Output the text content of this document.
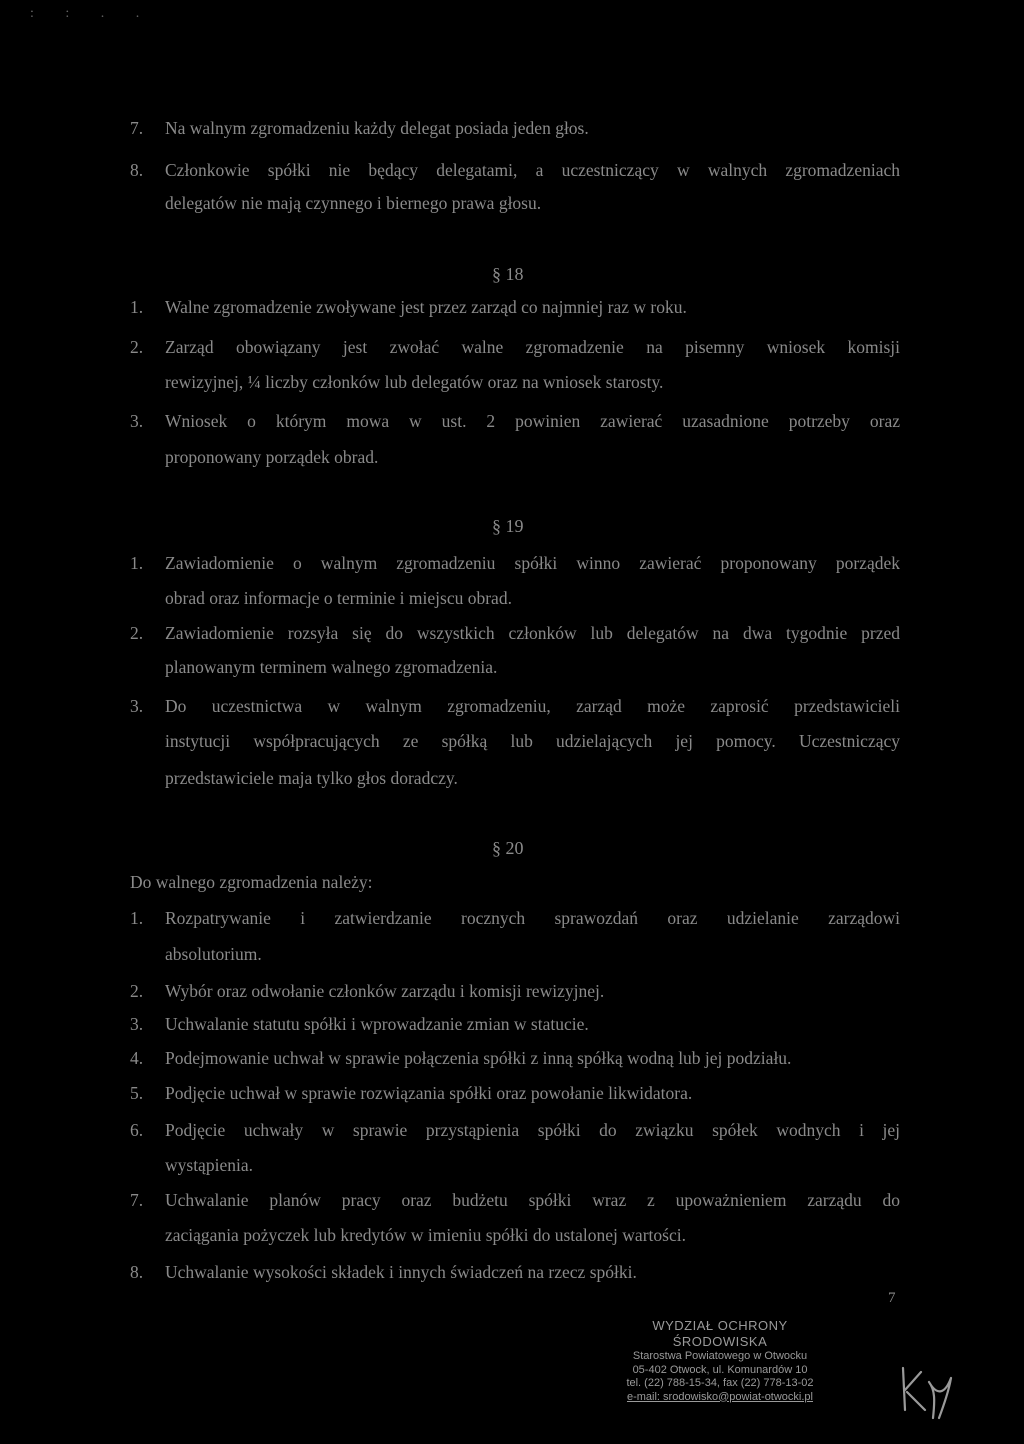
: : . .
7. Na walnym zgromadzeniu każdy delegat posiada jeden głos.
8. Członkowie spółki nie będący delegatami, a uczestniczący w walnych zgromadzeniach
delegatów nie mają czynnego i biernego prawa głosu.
§ 18
1. Walne zgromadzenie zwoływane jest przez zarząd co najmniej raz w roku.
2. Zarząd obowiązany jest zwołać walne zgromadzenie na pisemny wniosek komisji
rewizyjnej, ¼ liczby członków lub delegatów oraz na wniosek starosty.
3. Wniosek o którym mowa w ust. 2 powinien zawierać uzasadnione potrzeby oraz
proponowany porządek obrad.
§ 19
1. Zawiadomienie o walnym zgromadzeniu spółki winno zawierać proponowany porządek
obrad oraz informacje o terminie i miejscu obrad.
2. Zawiadomienie rozsyła się do wszystkich członków lub delegatów na dwa tygodnie przed
planowanym terminem walnego zgromadzenia.
3. Do uczestnictwa w walnym zgromadzeniu, zarząd może zaprosić przedstawicieli
instytucji współpracujących ze spółką lub udzielających jej pomocy. Uczestniczący
przedstawiciele maja tylko głos doradczy.
§ 20
Do walnego zgromadzenia należy:
1. Rozpatrywanie i zatwierdzanie rocznych sprawozdań oraz udzielanie zarządowi
absolutorium.
2. Wybór oraz odwołanie członków zarządu i komisji rewizyjnej.
3. Uchwalanie statutu spółki i wprowadzanie zmian w statucie.
4. Podejmowanie uchwał w sprawie połączenia spółki z inną spółką wodną lub jej podziału.
5. Podjęcie uchwał w sprawie rozwiązania spółki oraz powołanie likwidatora.
6. Podjęcie uchwały w sprawie przystąpienia spółki do związku spółek wodnych i jej
wystąpienia.
7. Uchwalanie planów pracy oraz budżetu spółki wraz z upoważnieniem zarządu do
zaciągania pożyczek lub kredytów w imieniu spółki do ustalonej wartości.
8. Uchwalanie wysokości składek i innych świadczeń na rzecz spółki.
7
WYDZIAŁ OCHRONY
ŚRODOWISKA
Starostwa Powiatowego w Otwocku
05-402 Otwock, ul. Komunardów 10
tel. (22) 788-15-34, fax (22) 778-13-02
e-mail: srodowisko@powiat-otwocki.pl
